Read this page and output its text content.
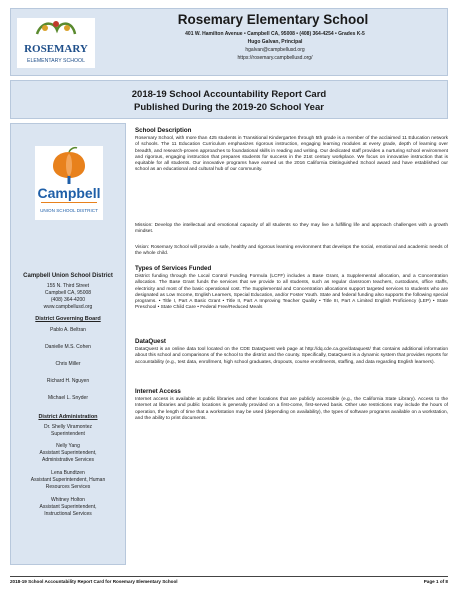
ROSEMARY
ELEMENTARY SCHOOL
Rosemary Elementary School
401 W. Hamilton Avenue • Campbell CA, 95008 • (408) 364-4254 • Grades K-5
Hugo Galvan, Principal
hgalvan@campbellusd.org
https://rosemary.campbellusd.org/
2018-19 School Accountability Report Card
Published During the 2019-20 School Year
Campbell
UNION SCHOOL DISTRICT
Campbell Union School District
155 N. Third Street
Campbell CA, 95008
(408) 364-4200
www.campbellusd.org
District Governing Board
Pablo A. Beltran
Danielle M.S. Cohen
Chris Miller
Richard H. Nguyen
Michael L. Snyder
District Administration
Dr. Shelly Viramontez
Superintendent
Nelly Yang
Assistant Superintendent,
Administrative Services
Lena Bundtzen
Assistant Superintendent, Human
Resources Services
Whitney Holton
Assistant Superintendent,
Instructional Services
School Description

Rosemary School, with more than 425 students in Transitional Kindergarten through 5th grade is a member of the acclaimed 11 Education network of schools. The 11 Education Curriculum emphasizes rigorous instruction, engaging learning modules at every grade, depth of learning over breadth, and research-proven approaches to foundational skills in reading and writing. Our dedicated staff provides a nurturing school environment and rigorous, engaging instruction that prepares students for success in the 21st century workplace. We focus on innovative instruction that is equitable for all students. Our innovative programs have earned us the 2016 California Distinguished School award and have established our school as an educational and cultural hub of our community.

Mission: Develop the intellectual and emotional capacity of all students so they may live a fulfilling life and approach challenges with a growth mindset.

Vision: Rosemary School will provide a safe, healthy and rigorous learning environment that develops the social, emotional and academic needs of the whole child.

Types of Services Funded

District funding through the Local Control Funding Formula (LCFF) includes a Base Grant, a Supplemental allocation, and a Concentration allocation. The Base Grant funds the services that we provide to all students, such as regular classroom teachers, custodians, office staffs, electricity and most of the basic operational cost. The Supplemental and Concentration allocations support targeted services to students who are designated as Low Income, English Learners, Special Education, and/or Foster Youth. State and federal funding also supports the following special programs. • Title I, Part A Basic Grant • Title II, Part A Improving Teacher Quality • Title III, Part A Limited English Proficiency (LEP) • State Preschool • State Child Care • Federal Free/Reduced Meals

DataQuest

DataQuest is an online data tool located on the CDE DataQuest web page at http://dq.cde.ca.gov/dataquest/ that contains additional information about this school and comparisons of the school to the district and the county. Specifically, DataQuest is a dynamic system that provides reports for accountability (e.g., test data, enrollment, high school graduates, dropouts, course enrollments, staffing, and data regarding English learners).

Internet Access

Internet access is available at public libraries and other locations that are publicly accessible (e.g., the California State Library). Access to the Internet at libraries and public locations is generally provided on a first-come, first-served basis. Other use restrictions may include the hours of operation, the length of time that a workstation may be used (depending on availability), the types of software programs available on a workstation, and the ability to print documents.

2018-19 School Accountability Report Card for Rosemary Elementary School	Page 1 of 8
